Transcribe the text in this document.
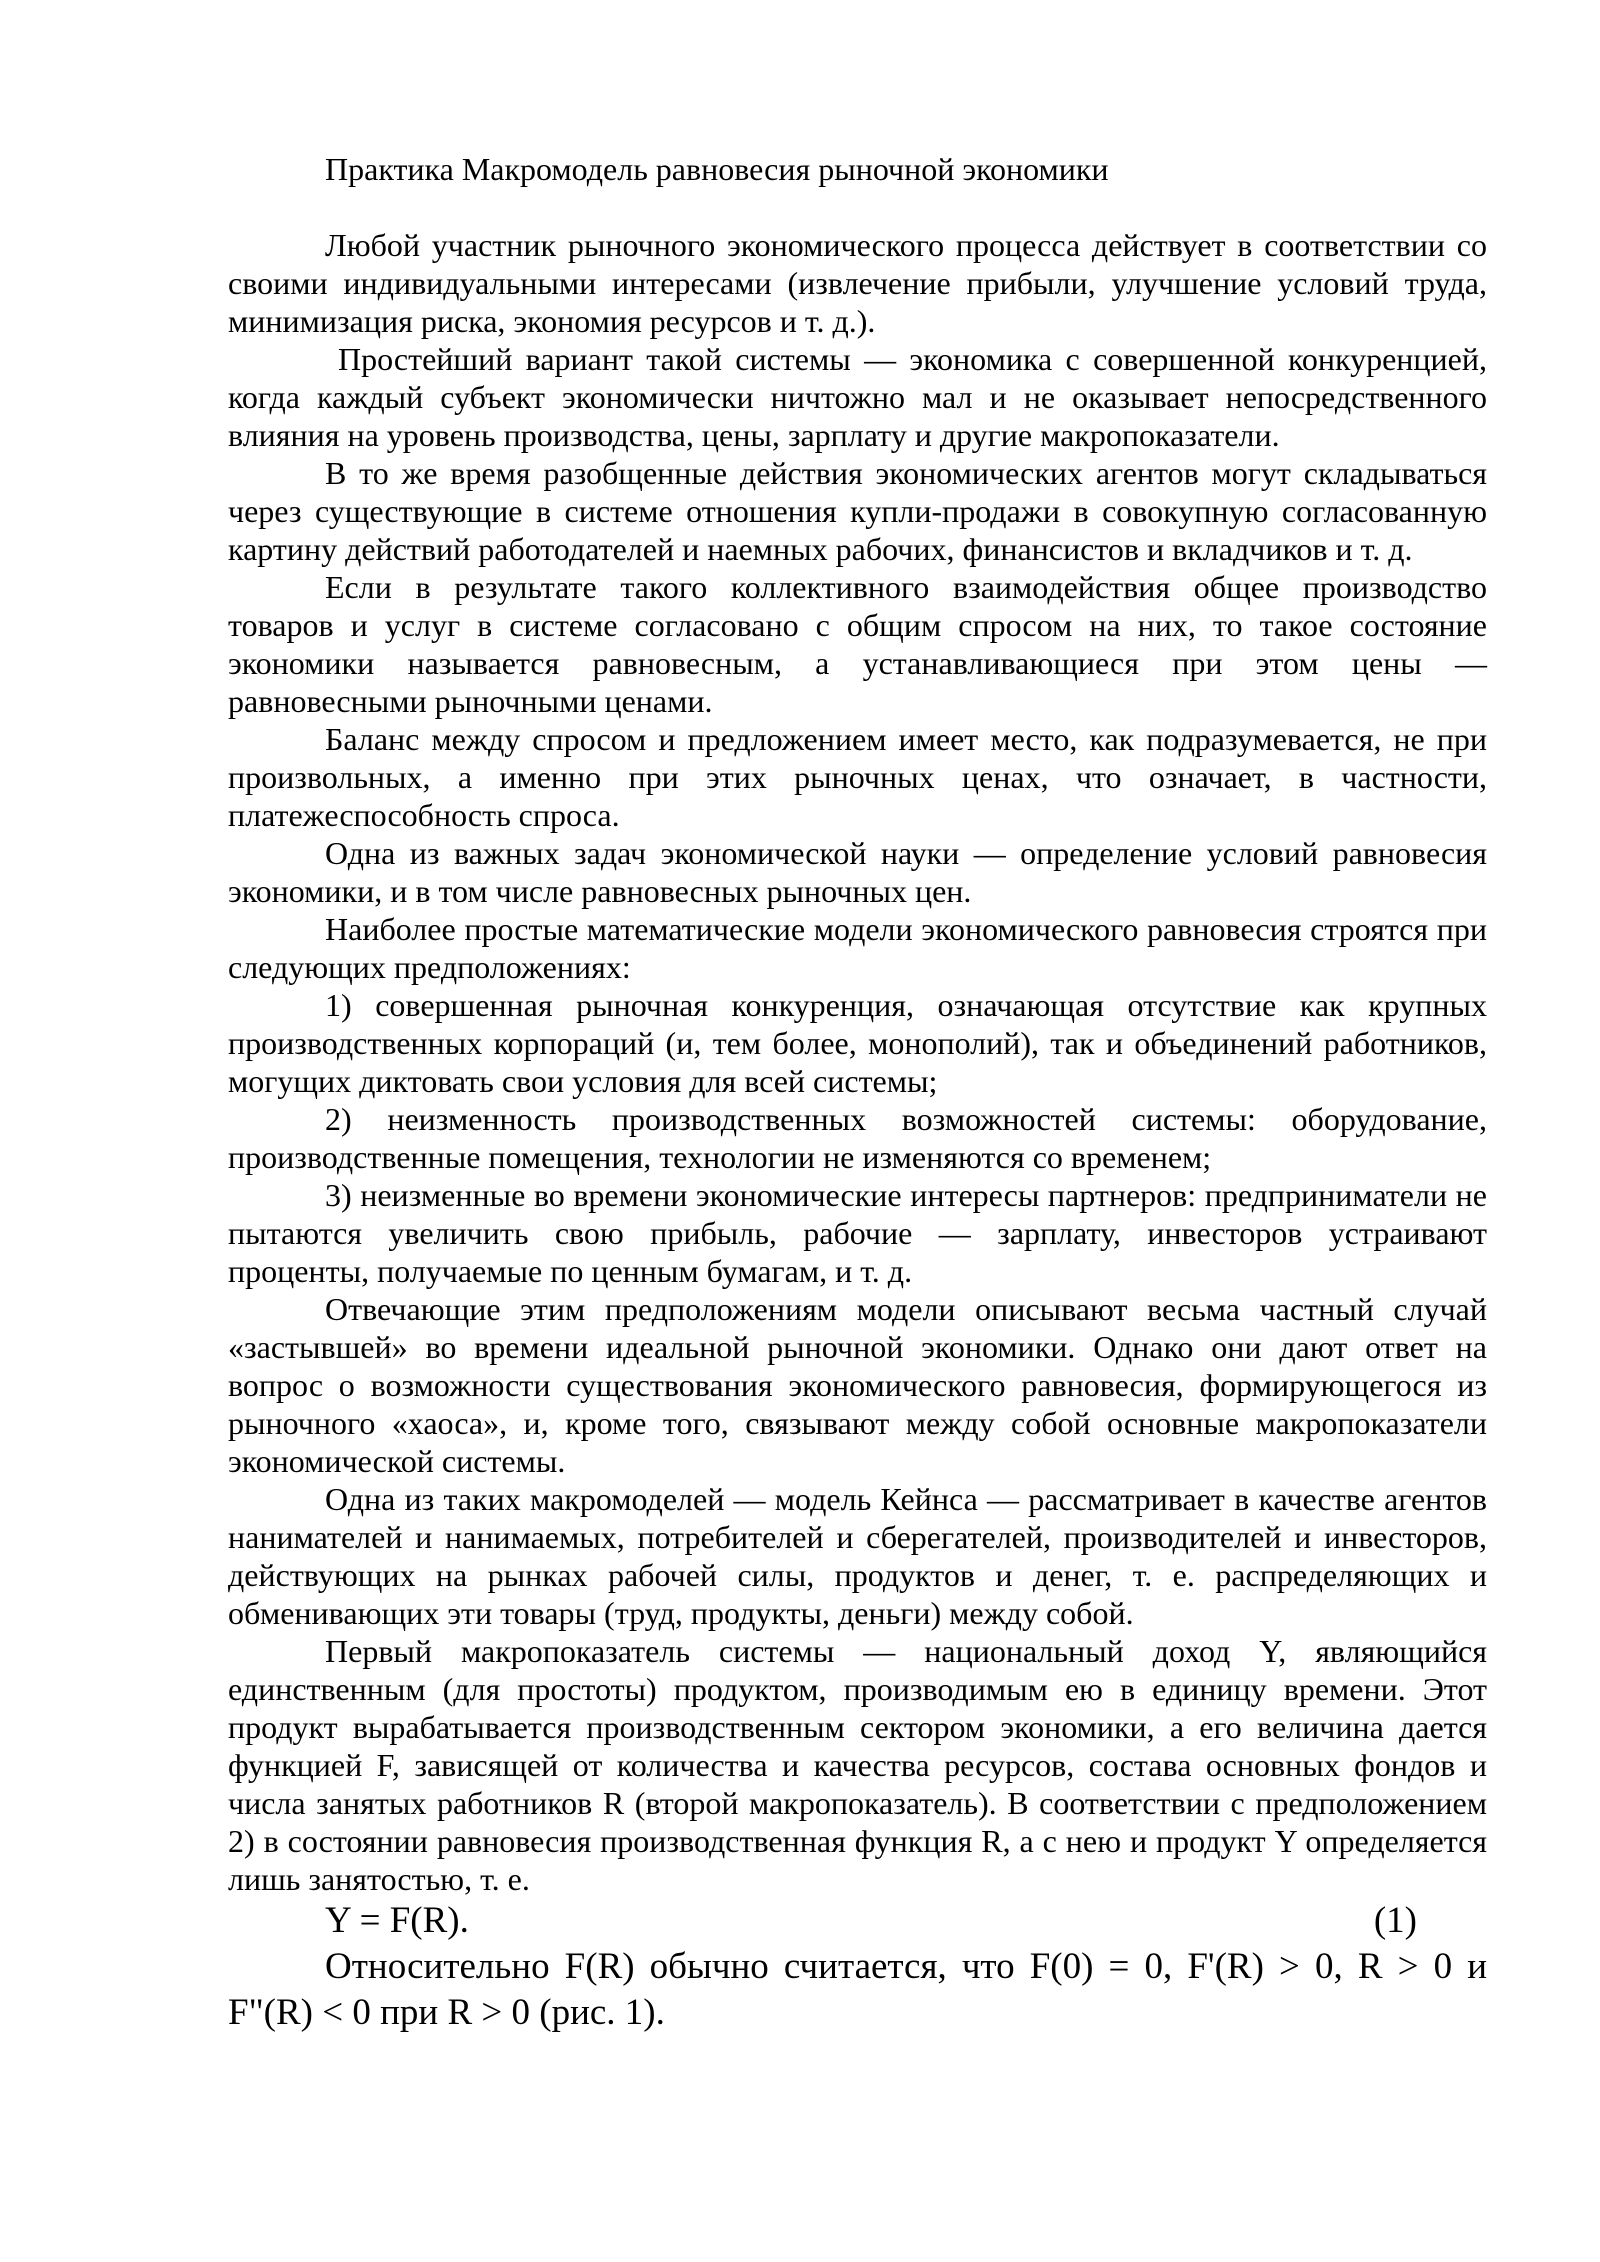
Практика Макромодель равновесия рыночной экономики

Любой участник рыночного экономического процесса действует в соответствии со своими индивидуальными интересами (извлечение прибыли, улучшение условий труда, минимизация риска, экономия ресурсов и т. д.).

Простейший вариант такой системы — экономика с совершенной конкуренцией, когда каждый субъект экономически ничтожно мал и не оказывает непосредственного влияния на уровень производства, цены, зарплату и другие макропоказатели.

В то же время разобщенные действия экономических агентов могут складываться через существующие в системе отношения купли-продажи в совокупную согласованную картину действий работодателей и наемных рабочих, финансистов и вкладчиков и т. д.

Если в результате такого коллективного взаимодействия общее производство товаров и услуг в системе согласовано с общим спросом на них, то такое состояние экономики называется равновесным, а устанавливающиеся при этом цены — равновесными рыночными ценами.

Баланс между спросом и предложением имеет место, как подразумевается, не при произвольных, а именно при этих рыночных ценах, что означает, в частности, платежеспособность спроса.

Одна из важных задач экономической науки — определение условий равновесия экономики, и в том числе равновесных рыночных цен.

Наиболее простые математические модели экономического равновесия строятся при следующих предположениях:

1) совершенная рыночная конкуренция, означающая отсутствие как крупных производственных корпораций (и, тем более, монополий), так и объединений работников, могущих диктовать свои условия для всей системы;

2) неизменность производственных возможностей системы: оборудование, производственные помещения, технологии не изменяются со временем;

3) неизменные во времени экономические интересы партнеров: предприниматели не пытаются увеличить свою прибыль, рабочие — зарплату, инвесторов устраивают проценты, получаемые по ценным бумагам, и т. д.

Отвечающие этим предположениям модели описывают весьма частный случай «застывшей» во времени идеальной рыночной экономики. Однако они дают ответ на вопрос о возможности существования экономического равновесия, формирующегося из рыночного «хаоса», и, кроме того, связывают между собой основные макропоказатели экономической системы.

Одна из таких макромоделей — модель Кейнса — рассматривает в качестве агентов нанимателей и нанимаемых, потребителей и сберегателей, производителей и инвесторов, действующих на рынках рабочей силы, продуктов и денег, т. е. распределяющих и обменивающих эти товары (труд, продукты, деньги) между собой.

Первый макропоказатель системы — национальный доход Y, являющийся единственным (для простоты) продуктом, производимым ею в единицу времени. Этот продукт вырабатывается производственным сектором экономики, а его величина дается функцией F, зависящей от количества и качества ресурсов, состава основных фондов и числа занятых работников R (второй макропоказатель). В соответствии с предположением 2) в состоянии равновесия производственная функция R, а с нею и продукт Y определяется лишь занятостью, т. е.

Y = F(R).	(1)
Относительно F(R) обычно считается, что F(0) = 0, F'(R) > 0, R > 0 и
F"(R) < 0 при R > 0 (рис. 1).
